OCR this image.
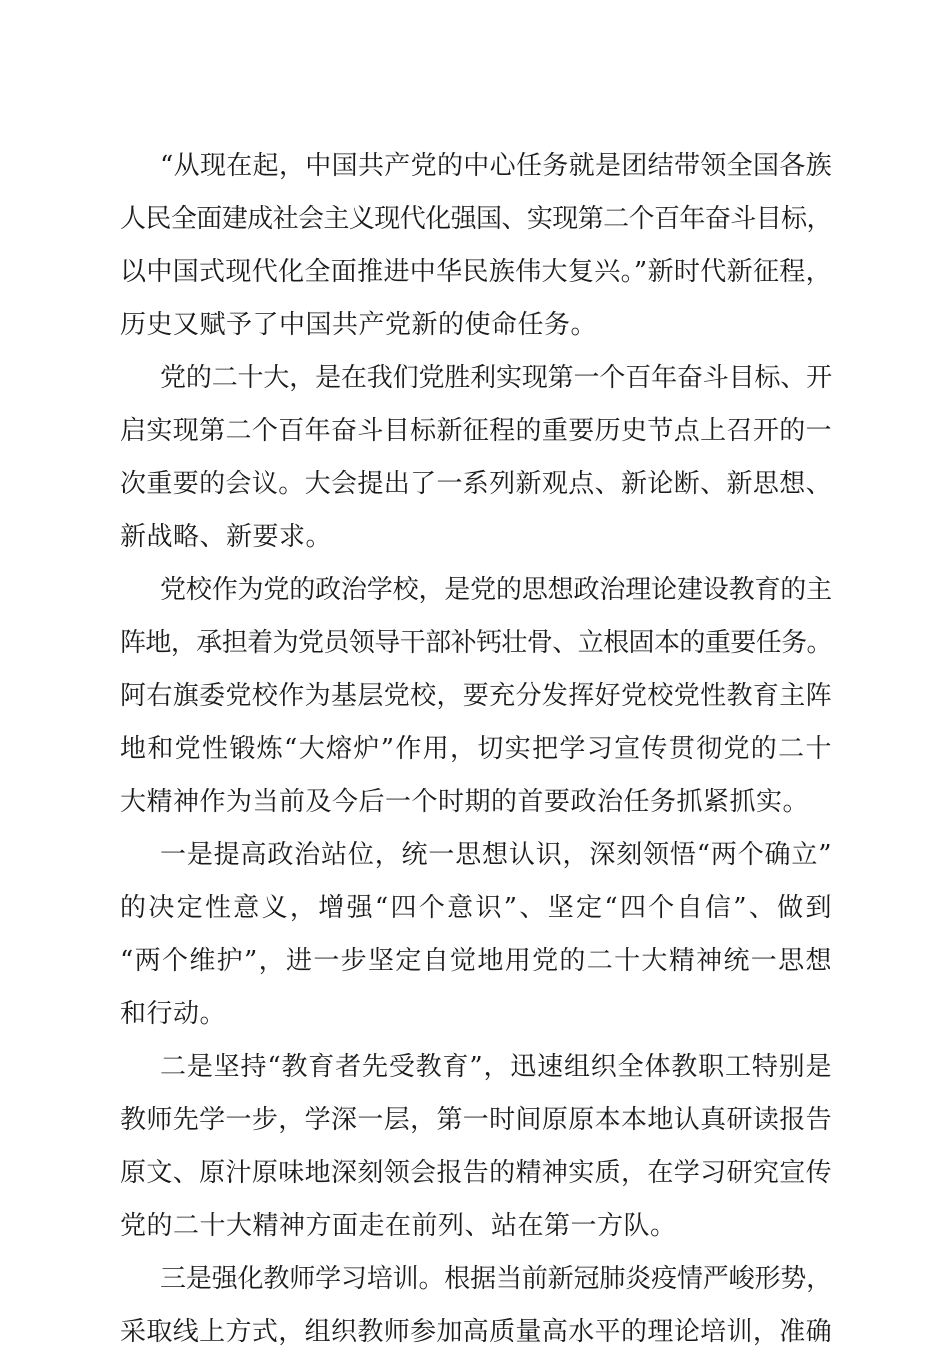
“从现在起，中国共产党的中心任务就是团结带领全国各族
人民全面建成社会主义现代化强国、实现第二个百年奋斗目标，
以中国式现代化全面推进中华民族伟大复兴。”新时代新征程，
历史又赋予了中国共产党新的使命任务。
党的二十大，是在我们党胜利实现第一个百年奋斗目标、开
启实现第二个百年奋斗目标新征程的重要历史节点上召开的一
次重要的会议。大会提出了一系列新观点、新论断、新思想、
新战略、新要求。
党校作为党的政治学校，是党的思想政治理论建设教育的主
阵地，承担着为党员领导干部补钙壮骨、立根固本的重要任务。
阿右旗委党校作为基层党校，要充分发挥好党校党性教育主阵
地和党性锻炼“大熔炉”作用，切实把学习宣传贯彻党的二十
大精神作为当前及今后一个时期的首要政治任务抓紧抓实。
一是提高政治站位，统一思想认识，深刻领悟“两个确立”
的决定性意义，增强“四个意识”、坚定“四个自信”、做到
“两个维护”，进一步坚定自觉地用党的二十大精神统一思想
和行动。
二是坚持“教育者先受教育”，迅速组织全体教职工特别是
教师先学一步，学深一层，第一时间原原本本地认真研读报告
原文、原汁原味地深刻领会报告的精神实质，在学习研究宣传
党的二十大精神方面走在前列、站在第一方队。
三是强化教师学习培训。根据当前新冠肺炎疫情严峻形势，
采取线上方式，组织教师参加高质量高水平的理论培训，准确
